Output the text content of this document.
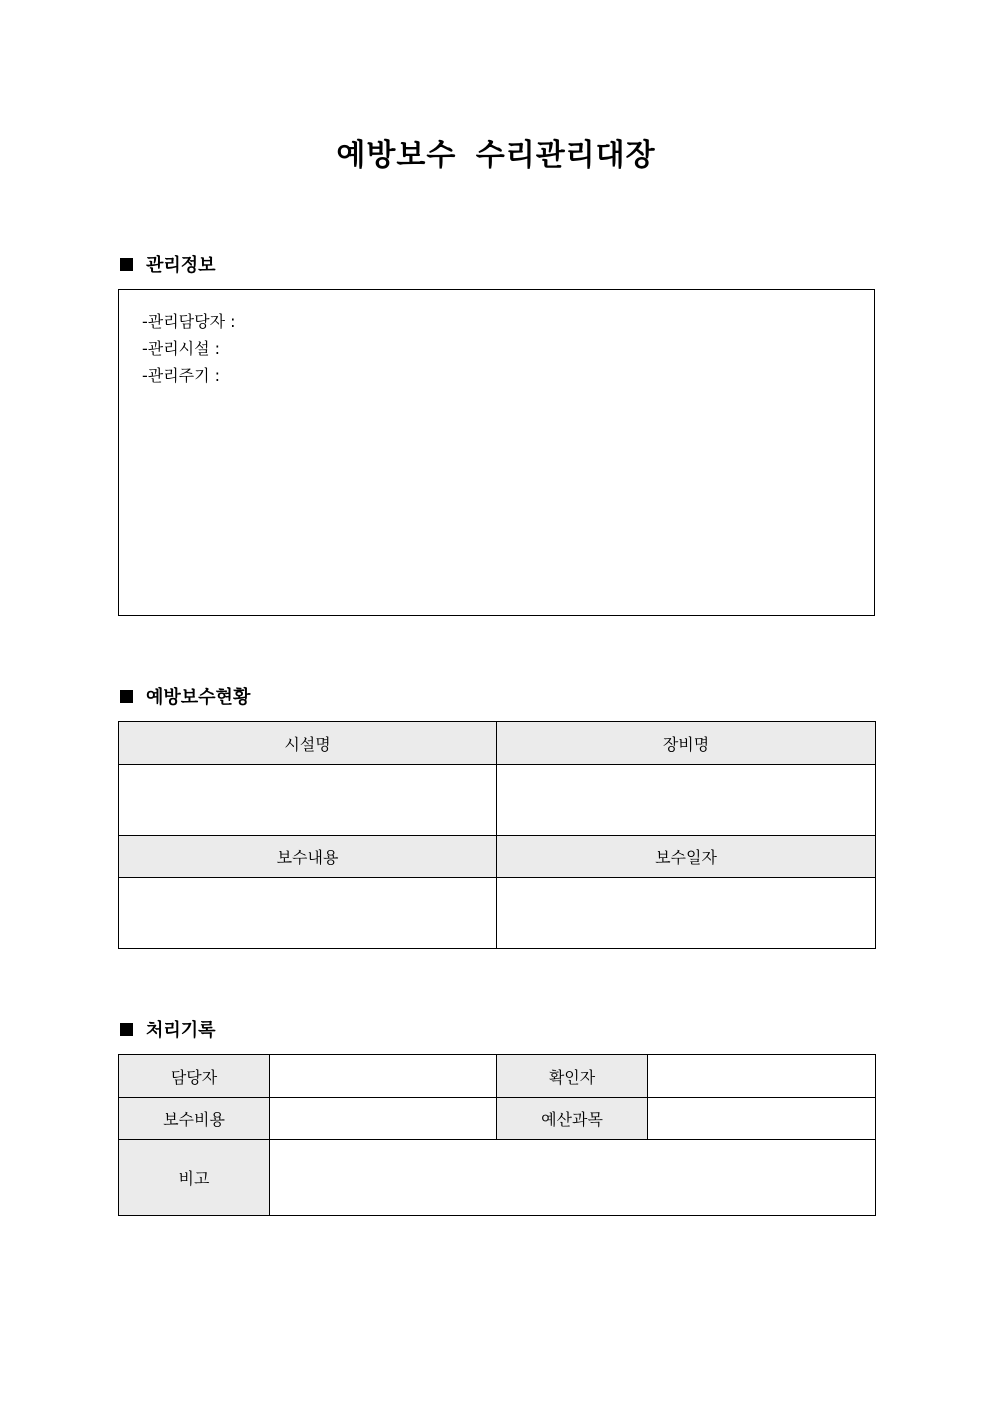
예방보수 수리관리대장
관리정보
-관리담당자 :
-관리시설 :
-관리주기 :
예방보수현황
시설명	장비명

보수내용	보수일자

처리기록
담당자		확인자	
보수비용		예산과목	
비고			
